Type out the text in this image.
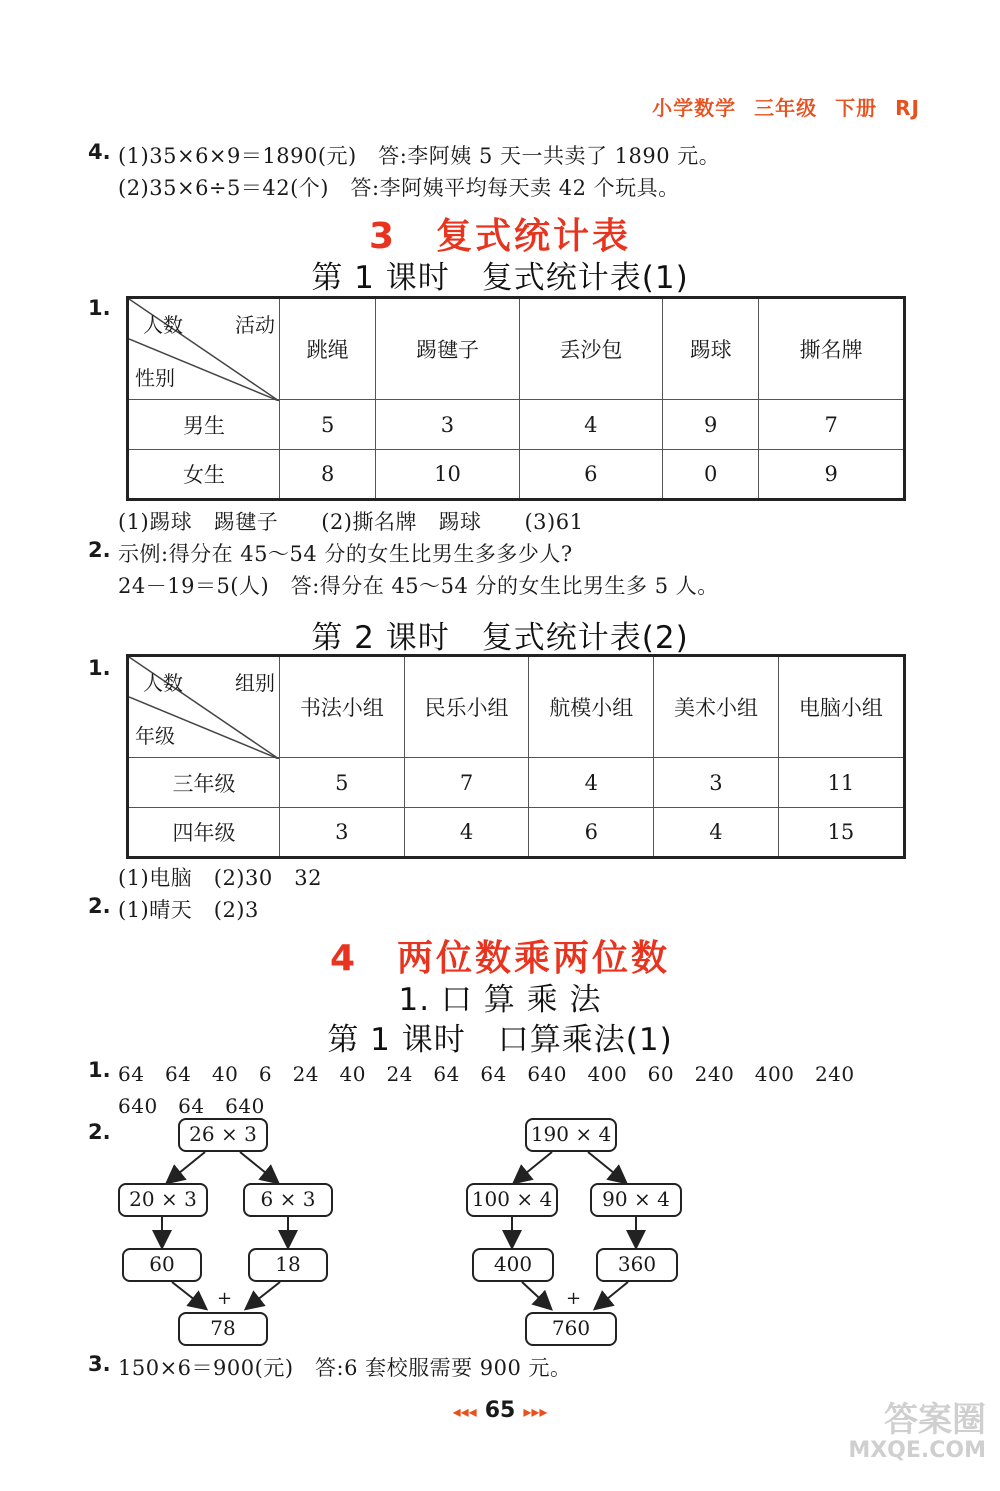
小学数学 三年级 下册 RJ
4. (1)35×6×9＝1890(元)　答:李阿姨 5 天一共卖了 1890 元。
(2)35×6÷5＝42(个)　答:李阿姨平均每天卖 42 个玩具。
3　复式统计表
第 1 课时　复式统计表(1)
1.
人数 活动
性别	跳绳	踢毽子	丢沙包	踢球	撕名牌
男生	5	3	4	9	7
女生	8	10	6	0	9
(1)踢球　踢毽子　　(2)撕名牌　踢球　　(3)61
2. 示例:得分在 45～54 分的女生比男生多多少人?
24－19＝5(人)　答:得分在 45～54 分的女生比男生多 5 人。
第 2 课时　复式统计表(2)
1.
人数 组别
年级	书法小组	民乐小组	航模小组	美术小组	电脑小组
三年级	5	7	4	3	11
四年级	3	4	6	4	15
(1)电脑　(2)30　32
2. (1)晴天　(2)3
4　两位数乘两位数
1. 口 算 乘 法
第 1 课时　口算乘法(1)
1. 64　64　40　6　24　40　24　64　64　640　400　60　240　400　240
640　64　640
2.	26 × 3
20 × 3	6 × 3
60	18
+
78
190 × 4
100 × 4	90 × 4
400	360
+
760
3. 150×6＝900(元)　答:6 套校服需要 900 元。
◂◂◂ 65 ▸▸▸	答案圈
MXQE.COM
